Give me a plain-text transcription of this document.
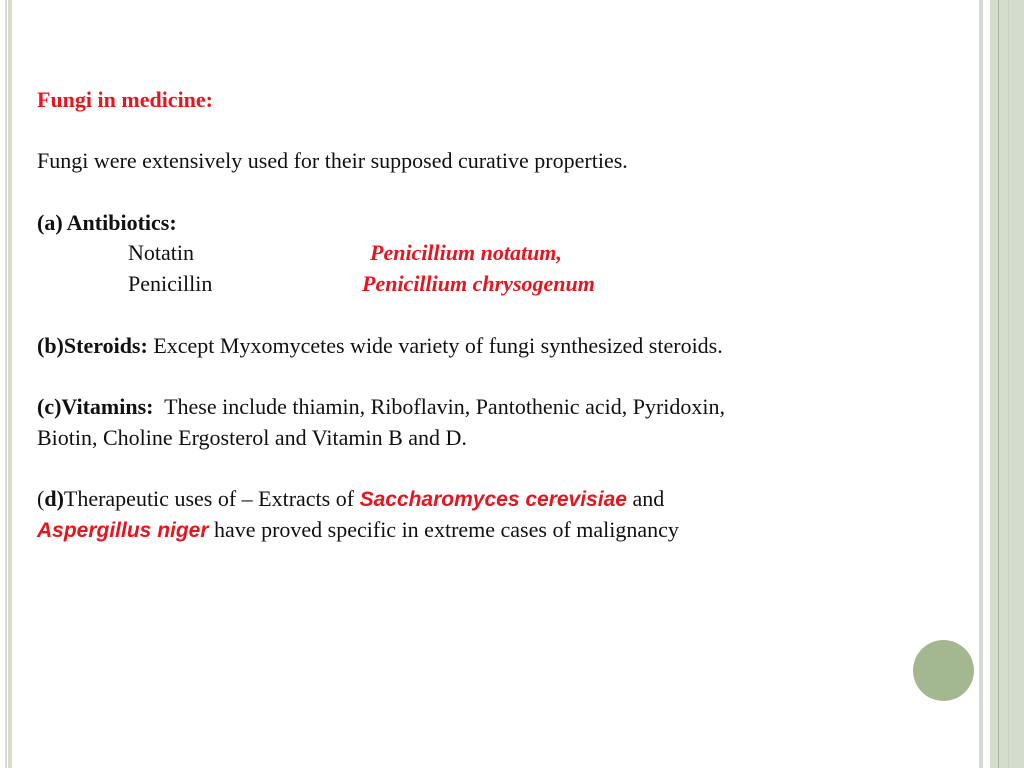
Fungi in medicine:
Fungi were extensively used for their supposed curative properties.
(a) Antibiotics:
Notatin	Penicillium notatum,
Penicillin	Penicillium chrysogenum
(b)Steroids: Except Myxomycetes wide variety of fungi synthesized steroids.
(c)Vitamins:  These include thiamin, Riboflavin, Pantothenic acid, Pyridoxin,
Biotin, Choline Ergosterol and Vitamin B and D.
(d)Therapeutic uses of – Extracts of Saccharomyces cerevisiae and
Aspergillus niger have proved specific in extreme cases of malignancy
